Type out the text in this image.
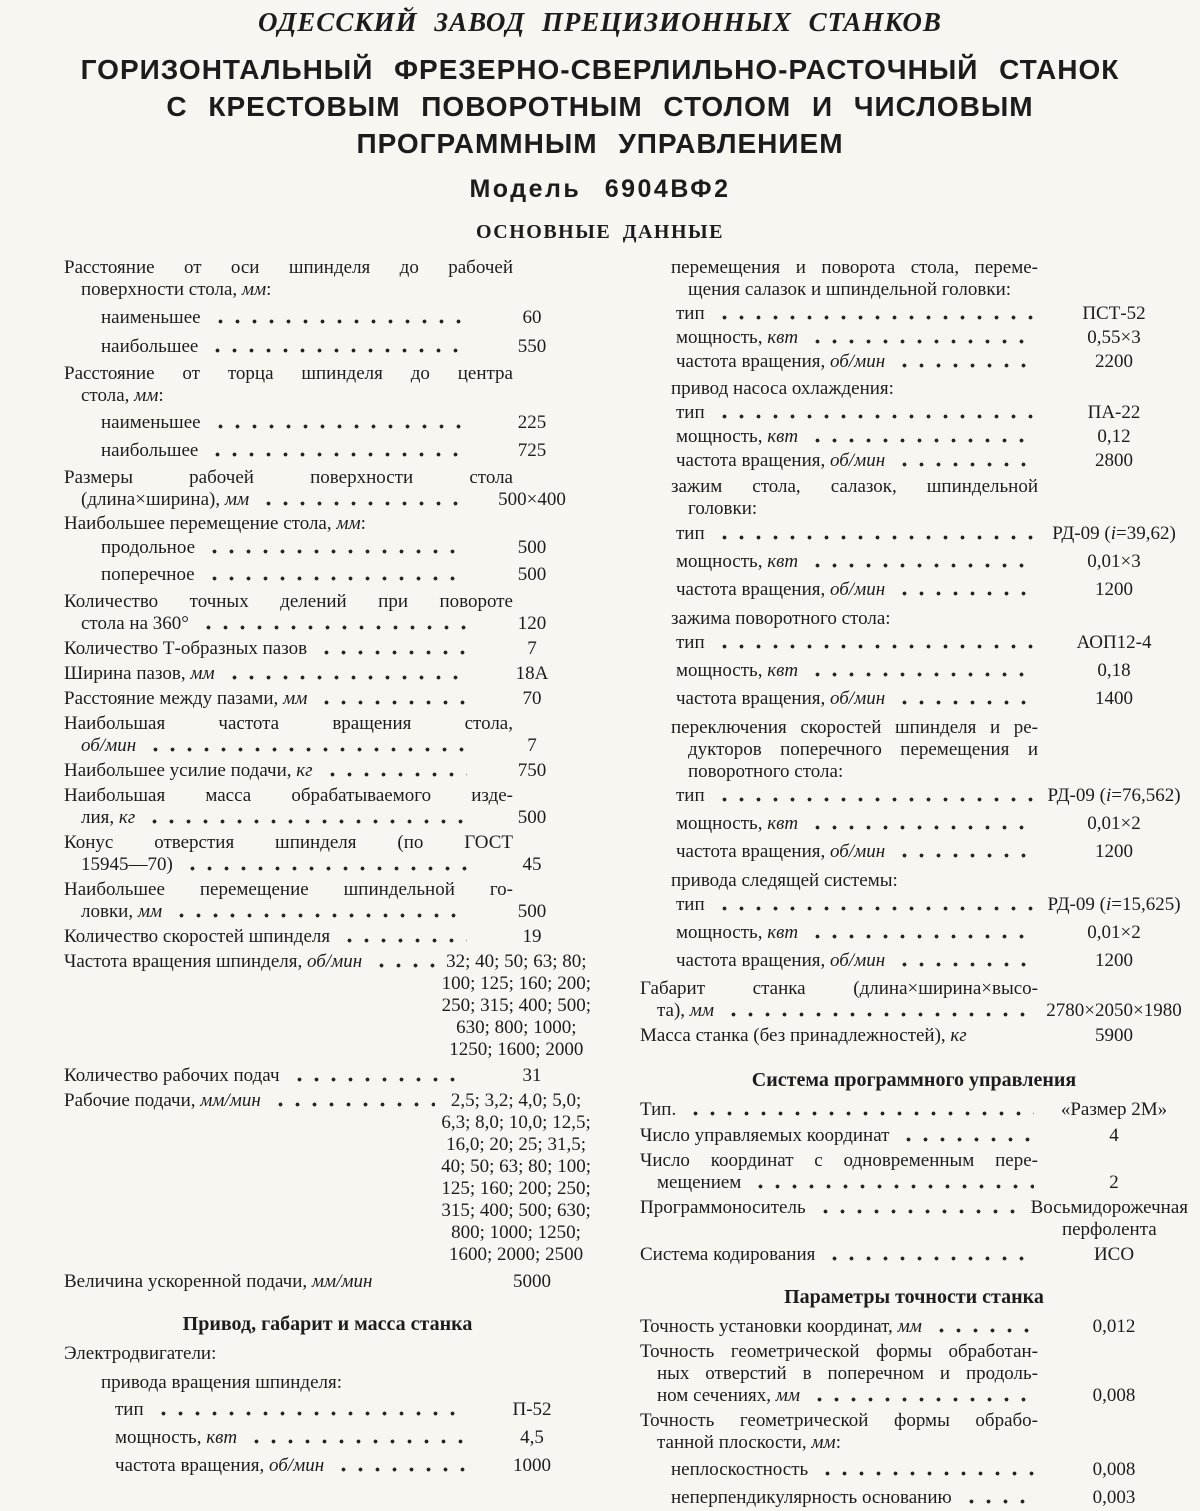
ОДЕССКИЙ ЗАВОД ПРЕЦИЗИОННЫХ СТАНКОВ
ГОРИЗОНТАЛЬНЫЙ ФРЕЗЕРНО-СВЕРЛИЛЬНО-РАСТОЧНЫЙ СТАНОК
С КРЕСТОВЫМ ПОВОРОТНЫМ СТОЛОМ И ЧИСЛОВЫМ
ПРОГРАММНЫМ УПРАВЛЕНИЕМ
Модель 6904ВФ2
ОСНОВНЫЕ ДАННЫЕ
Расстояние от оси шпинделя до рабочей
поверхности стола, мм:
наименьшее	60
наибольшее	550
Расстояние от торца шпинделя до центра
стола, мм:
наименьшее	225
наибольшее	725
Размеры рабочей поверхности стола
(длина×ширина), мм	500×400
Наибольшее перемещение стола, мм:
продольное	500
поперечное	500
Количество точных делений при повороте
стола на 360°	120
Количество Т-образных пазов	7
Ширина пазов, мм	18А
Расстояние между пазами, мм	70
Наибольшая частота вращения стола,
об/мин	7
Наибольшее усилие подачи, кг	750
Наибольшая масса обрабатываемого изде-
лия, кг	500
Конус отверстия шпинделя (по ГОСТ
15945—70)	45
Наибольшее перемещение шпиндельной го-
ловки, мм	500
Количество скоростей шпинделя	19
Частота вращения шпинделя, об/мин	32; 40; 50; 63; 80;
100; 125; 160; 200;
250; 315; 400; 500;
630; 800; 1000;
1250; 1600; 2000
Количество рабочих подач	31
Рабочие подачи, мм/мин	2,5; 3,2; 4,0; 5,0;
6,3; 8,0; 10,0; 12,5;
16,0; 20; 25; 31,5;
40; 50; 63; 80; 100;
125; 160; 200; 250;
315; 400; 500; 630;
800; 1000; 1250;
1600; 2000; 2500
Величина ускоренной подачи, мм/мин	5000
Привод, габарит и масса станка
Электродвигатели:
привода вращения шпинделя:
тип	П-52
мощность, квт	4,5
частота вращения, об/мин	1000
перемещения и поворота стола, переме-
щения салазок и шпиндельной головки:
тип	ПСТ-52
мощность, квт	0,55×3
частота вращения, об/мин	2200
привод насоса охлаждения:
тип	ПА-22
мощность, квт	0,12
частота вращения, об/мин	2800
зажим стола, салазок, шпиндельной
головки:
тип	РД-09 (i=39,62)
мощность, квт	0,01×3
частота вращения, об/мин	1200
зажима поворотного стола:
тип	АОП12-4
мощность, квт	0,18
частота вращения, об/мин	1400
переключения скоростей шпинделя и ре-
дукторов поперечного перемещения и
поворотного стола:
тип	РД-09 (i=76,562)
мощность, квт	0,01×2
частота вращения, об/мин	1200
привода следящей системы:
тип	РД-09 (i=15,625)
мощность, квт	0,01×2
частота вращения, об/мин	1200
Габарит станка (длина×ширина×высо-
та), мм	2780×2050×1980
Масса станка (без принадлежностей), кг	5900
Система программного управления
Тип.	«Размер 2М»
Число управляемых координат	4
Число координат с одновременным пере-
мещением	2
Программоноситель	Восьмидорожечная
перфолента
Система кодирования	ИСО
Параметры точности станка
Точность установки координат, мм	0,012
Точность геометрической формы обработан-
ных отверстий в поперечном и продоль-
ном сечениях, мм	0,008
Точность геометрической формы обрабо-
танной плоскости, мм:
неплоскостность	0,008
неперпендикулярность основанию	0,003
